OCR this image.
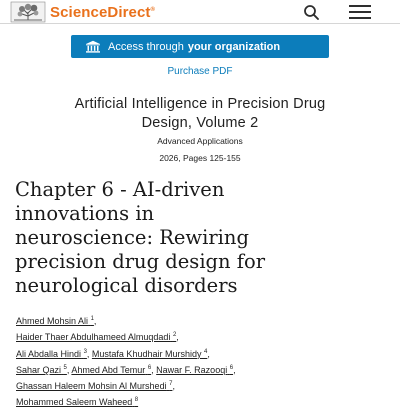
ScienceDirect®
Access through your organization
Purchase PDF
Artificial Intelligence in Precision Drug
Design, Volume 2
Advanced Applications
2026, Pages 125-155
Chapter 6 - AI-driven
innovations in
neuroscience: Rewiring
precision drug design for
neurological disorders
Ahmed Mohsin Ali $^1$,
Haider Thaer Abdulhameed Almuqdadi $^2$,
Ali Abdalla Hindi $^3$, Mustafa Khudhair Murshidy $^4$,
Sahar Qazi $^5$, Ahmed Abd Temur $^6$, Nawar F. Razooqi $^6$,
Ghassan Haleem Mohsin Al Murshedi $^7$,
Mohammed Saleem Waheed $^8$
